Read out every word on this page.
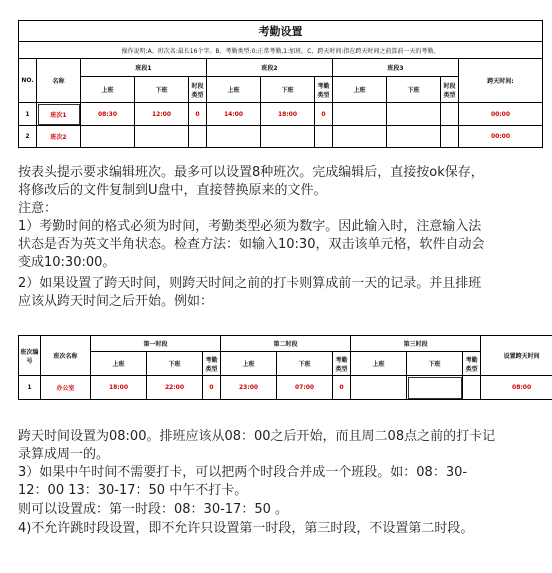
考勤设置											
操作说明:A、班次名:最长16个字。B、考勤类型:0:正常考勤,1:加班。C、跨天时间:指在跨天时间之前算前一天的考勤。											
NO.	名称	班段1			班段2			班段3			跨天时间:
		上班	下班	时段类型	上班	下班	考勤类型	上班	下班	时段类型	
1	班次1	08:30	12:00	0	14:00	18:00	0				00:00
2	班次2										00:00
按表头提示要求编辑班次。最多可以设置8种班次。完成编辑后，直接按ok保存，
将修改后的文件复制到U盘中，直接替换原来的文件。
注意：
1）考勤时间的格式必须为时间，考勤类型必须为数字。因此输入时，注意输入法
状态是否为英文半角状态。检查方法：如输入10:30，双击该单元格，软件自动会
变成10:30:00。
2）如果设置了跨天时间，则跨天时间之前的打卡则算成前一天的记录。并且排班
应该从跨天时间之后开始。例如：
班次编号	班次名称	第一时段			第二时段			第三时段			设置跨天时间
		上班	下班	考勤类型	上班	下班	考勤类型	上班	下班	考勤类型	
1	办公室	18:00	22:00	0	23:00	07:00	0				08:00
跨天时间设置为08:00。排班应该从08：00之后开始，而且周二08点之前的打卡记
录算成周一的。
3）如果中午时间不需要打卡，可以把两个时段合并成一个班段。如：08：30-
12：00 13：30-17：50 中午不打卡。
则可以设置成：第一时段：08：30-17：50 。
4)不允许跳时段设置，即不允许只设置第一时段，第三时段，不设置第二时段。
